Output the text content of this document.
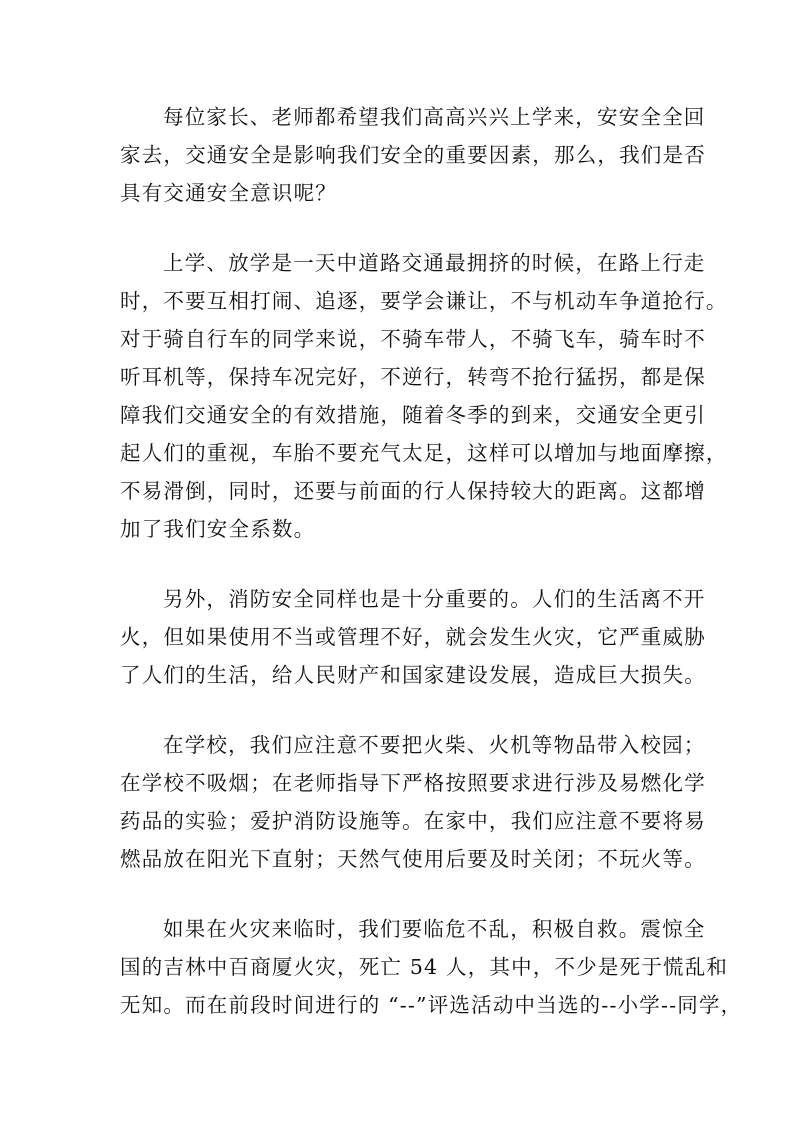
每位家长、老师都希望我们高高兴兴上学来，安安全全回
家去，交通安全是影响我们安全的重要因素，那么，我们是否
具有交通安全意识呢？

上学、放学是一天中道路交通最拥挤的时候，在路上行走
时，不要互相打闹、追逐，要学会谦让，不与机动车争道抢行。
对于骑自行车的同学来说，不骑车带人，不骑飞车，骑车时不
听耳机等，保持车况完好，不逆行，转弯不抢行猛拐，都是保
障我们交通安全的有效措施，随着冬季的到来，交通安全更引
起人们的重视，车胎不要充气太足，这样可以增加与地面摩擦，
不易滑倒，同时，还要与前面的行人保持较大的距离。这都增
加了我们安全系数。

另外，消防安全同样也是十分重要的。人们的生活离不开
火，但如果使用不当或管理不好，就会发生火灾，它严重威胁
了人们的生活，给人民财产和国家建设发展，造成巨大损失。

在学校，我们应注意不要把火柴、火机等物品带入校园；
在学校不吸烟；在老师指导下严格按照要求进行涉及易燃化学
药品的实验；爱护消防设施等。在家中，我们应注意不要将易
燃品放在阳光下直射；天然气使用后要及时关闭；不玩火等。

如果在火灾来临时，我们要临危不乱，积极自救。震惊全
国的吉林中百商厦火灾，死亡 54 人，其中，不少是死于慌乱和
无知。而在前段时间进行的 “--”评选活动中当选的--小学--同学，
